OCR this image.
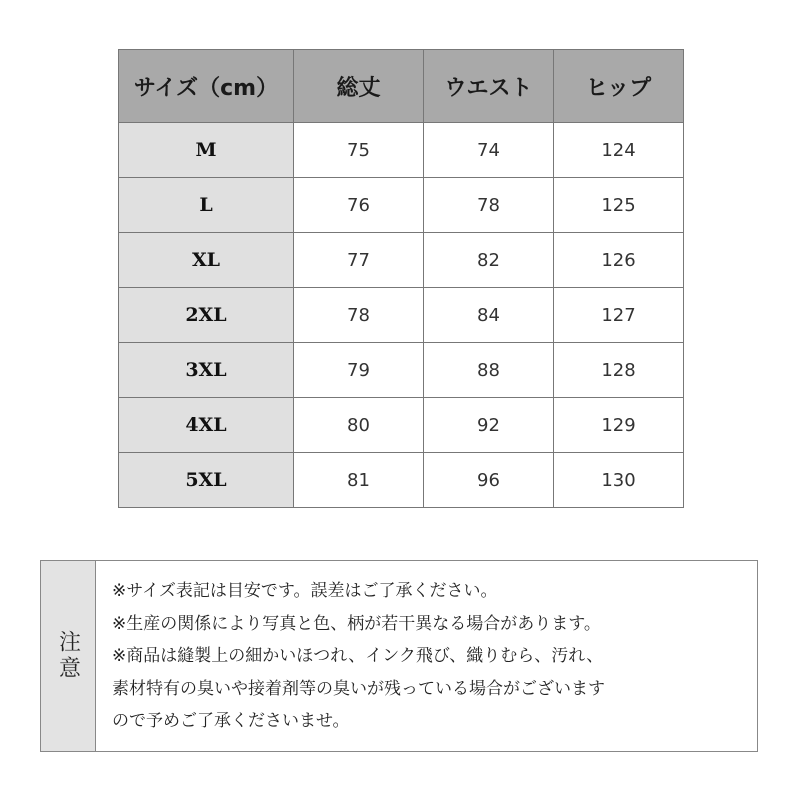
サイズ（cm）	総丈	ウエスト	ヒップ
M	75	74	124
L	76	78	125
XL	77	82	126
2XL	78	84	127
3XL	79	88	128
4XL	80	92	129
5XL	81	96	130
注意
※サイズ表記は目安です。誤差はご了承ください。
※生産の関係により写真と色、柄が若干異なる場合があります。
※商品は縫製上の細かいほつれ、インク飛び、織りむら、汚れ、
素材特有の臭いや接着剤等の臭いが残っている場合がございます
ので予めご了承くださいませ。
